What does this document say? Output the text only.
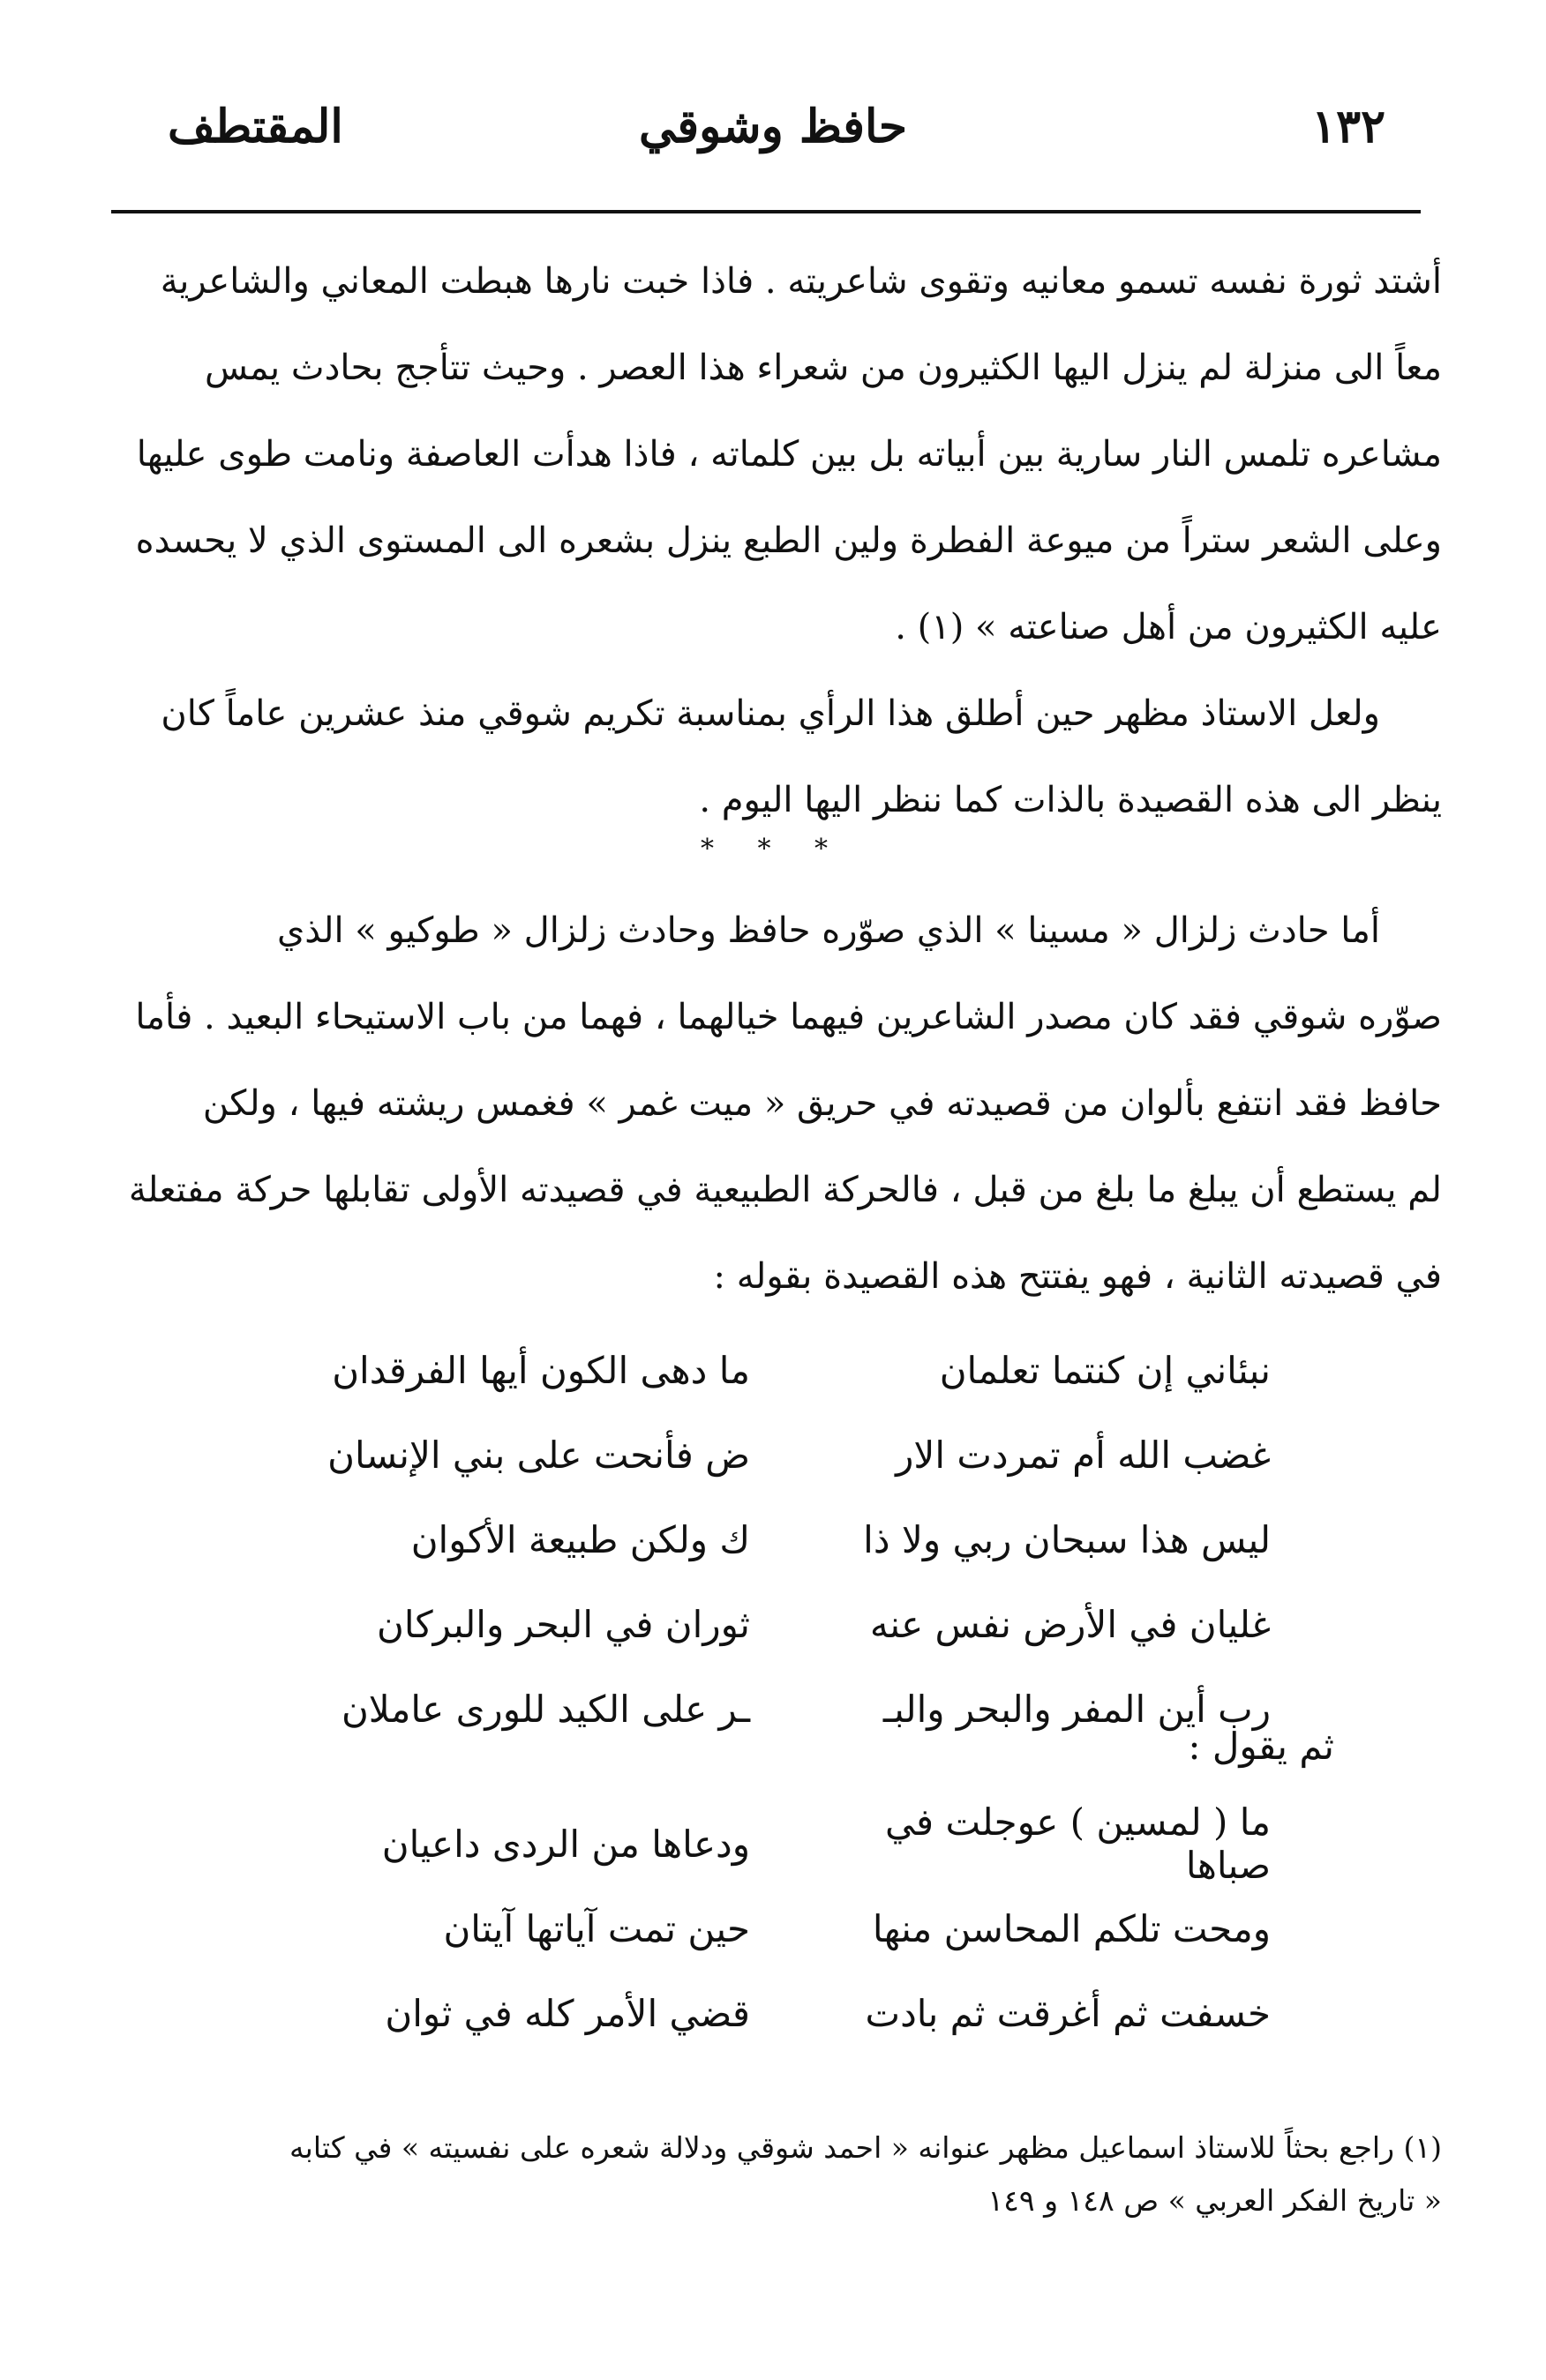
١٣٢
حافظ وشوقي
المقتطف

أشتد ثورة نفسه تسمو معانيه وتقوى شاعريته . فاذا خبت نارها هبطت المعاني والشاعرية

معاً الى منزلة لم ينزل اليها الكثيرون من شعراء هذا العصر . وحيث تتأجج بحادث يمس

مشاعره تلمس النار سارية بين أبياته بل بين كلماته ، فاذا هدأت العاصفة ونامت طوى عليها

وعلى الشعر ستراً من ميوعة الفطرة ولين الطبع ينزل بشعره الى المستوى الذي لا يحسده

عليه الكثيرون من أهل صناعته » (١) .

ولعل الاستاذ مظهر حين أطلق هذا الرأي بمناسبة تكريم شوقي منذ عشرين عاماً كان

ينظر الى هذه القصيدة بالذات كما ننظر اليها اليوم .

* * *

أما حادث زلزال « مسينا » الذي صوّره حافظ وحادث زلزال « طوكيو » الذي

صوّره شوقي فقد كان مصدر الشاعرين فيهما خيالهما ، فهما من باب الاستيحاء البعيد . فأما

حافظ فقد انتفع بألوان من قصيدته في حريق « ميت غمر » فغمس ريشته فيها ، ولكن

لم يستطع أن يبلغ ما بلغ من قبل ، فالحركة الطبيعية في قصيدته الأولى تقابلها حركة مفتعلة

في قصيدته الثانية ، فهو يفتتح هذه القصيدة بقوله :

نبئاني إن كنتما تعلمان
ما دهى الكون أيها الفرقدان
غضب الله أم تمردت الار
ض فأنحت على بني الإنسان
ليس هذا سبحان ربي ولا ذا
ك ولكن طبيعة الأكوان
غليان في الأرض نفس عنه
ثوران في البحر والبركان
رب أين المفر والبحر والبـ
ـر على الكيد للورى عاملان
ثم يقول :
ما ( لمسين ) عوجلت في صباها
ودعاها من الردى داعيان
ومحت تلكم المحاسن منها
حين تمت آياتها آيتان
خسفت ثم أغرقت ثم بادت
قضي الأمر كله في ثوان

(١) راجع بحثاً للاستاذ اسماعيل مظهر عنوانه « احمد شوقي ودلالة شعره على نفسيته » في كتابه

« تاريخ الفكر العربي » ص ١٤٨ و ١٤٩
